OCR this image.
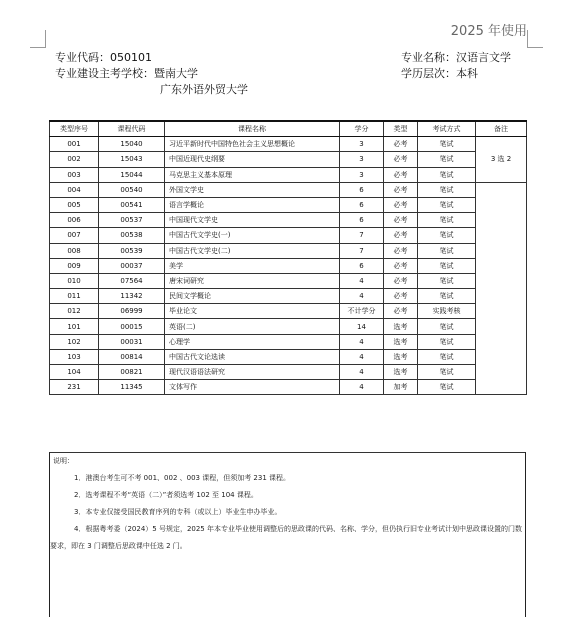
2025 年使用
专业代码：050101
专业建设主考学校：暨南大学
广东外语外贸大学
专业名称：汉语言文学
学历层次：本科
类型序号	课程代码	课程名称	学分	类型	考试方式	备注
001	15040	习近平新时代中国特色社会主义思想概论	3	必考	笔试	3 选 2
002	15043	中国近现代史纲要	3	必考	笔试	
003	15044	马克思主义基本原理	3	必考	笔试	
004	00540	外国文学史	6	必考	笔试	
005	00541	语言学概论	6	必考	笔试	
006	00537	中国现代文学史	6	必考	笔试	
007	00538	中国古代文学史(一)	7	必考	笔试	
008	00539	中国古代文学史(二)	7	必考	笔试	
009	00037	美学	6	必考	笔试	
010	07564	唐宋词研究	4	必考	笔试	
011	11342	民间文学概论	4	必考	笔试	
012	06999	毕业论文	不计学分	必考	实践考核	
101	00015	英语(二)	14	选考	笔试	
102	00031	心理学	4	选考	笔试	
103	00814	中国古代文论选读	4	选考	笔试	
104	00821	现代汉语语法研究	4	选考	笔试	
231	11345	文体写作	4	加考	笔试	
说明：
1．港澳台考生可不考 001、002 、003 课程，但须加考 231 课程。
2．选考课程不考“英语（二）”者须选考 102 至 104 课程。
3．本专业仅接受国民教育序列的专科（或以上）毕业生申办毕业。
4．根据粤考委（2024）5 号规定，2025 年本专业毕业使用调整后的思政课的代码、名称、学分，但仍执行旧专业考试计划中思政课设置的门数要求，即在 3 门调整后思政课中任选 2 门。
